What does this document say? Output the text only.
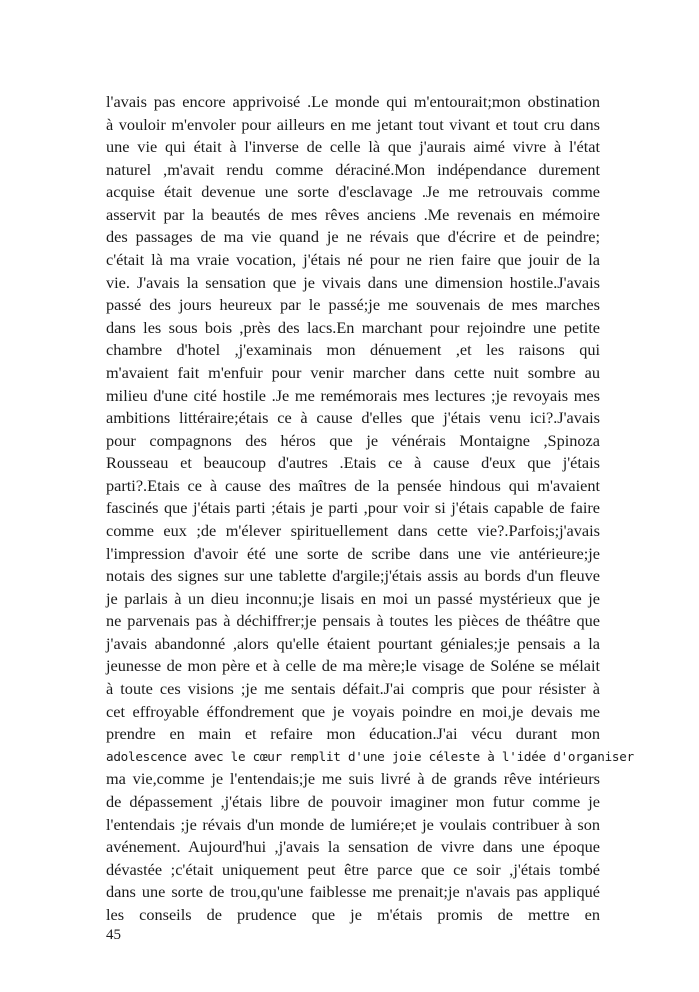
l'avais pas encore apprivoisé .Le monde qui m'entourait;mon obstination
à vouloir m'envoler pour ailleurs en me jetant tout vivant et tout cru dans
une vie qui était à l'inverse de celle là que j'aurais aimé vivre à l'état
naturel ,m'avait rendu comme déraciné.Mon indépendance durement
acquise était devenue une sorte d'esclavage .Je me retrouvais comme
asservit par la beautés de mes rêves anciens .Me revenais en mémoire
des passages de ma vie quand je ne révais que d'écrire et de peindre;
c'était là ma vraie vocation, j'étais né pour ne rien faire que jouir de la
vie. J'avais la sensation que je vivais dans une dimension hostile.J'avais
passé des jours heureux par le passé;je me souvenais de mes marches
dans les sous bois ,près des lacs.En marchant pour rejoindre une petite
chambre d'hotel ,j'examinais mon dénuement ,et les raisons qui
m'avaient fait m'enfuir pour venir marcher dans cette nuit sombre au
milieu d'une cité hostile .Je me remémorais mes lectures ;je revoyais mes
ambitions littéraire;étais ce à cause d'elles que j'étais venu ici?.J'avais
pour compagnons des héros que je vénérais Montaigne ,Spinoza
Rousseau et beaucoup d'autres .Etais ce à cause d'eux que j'étais
parti?.Etais ce à cause des maîtres de la pensée hindous qui m'avaient
fascinés que j'étais parti ;étais je parti ,pour voir si j'étais capable de faire
comme eux ;de m'élever spirituellement dans cette vie?.Parfois;j'avais
l'impression d'avoir été une sorte de scribe dans une vie antérieure;je
notais des signes sur une tablette d'argile;j'étais assis au bords d'un fleuve
je parlais à un dieu inconnu;je lisais en moi un passé mystérieux que je
ne parvenais pas à déchiffrer;je pensais à toutes les pièces de théâtre que
j'avais abandonné ,alors qu'elle étaient pourtant géniales;je pensais a la
jeunesse de mon père et à celle de ma mère;le visage de Soléne se mélait
à toute ces visions ;je me sentais défait.J'ai compris que pour résister à
cet effroyable éffondrement que je voyais poindre en moi,je devais me
prendre en main et refaire mon éducation.J'ai vécu durant mon
adolescence avec le cœur remplit d'une joie céleste à l'idée d'organiser
ma vie,comme je l'entendais;je me suis livré à de grands rêve intérieurs
de dépassement ,j'étais libre de pouvoir imaginer mon futur comme je
l'entendais ;je révais d'un monde de lumiére;et je voulais contribuer à son
avénement. Aujourd'hui ,j'avais la sensation de vivre dans une époque
dévastée ;c'était uniquement peut être parce que ce soir ,j'étais tombé
dans une sorte de trou,qu'une faiblesse me prenait;je n'avais pas appliqué
les conseils de prudence que je m'étais promis de mettre en
45
